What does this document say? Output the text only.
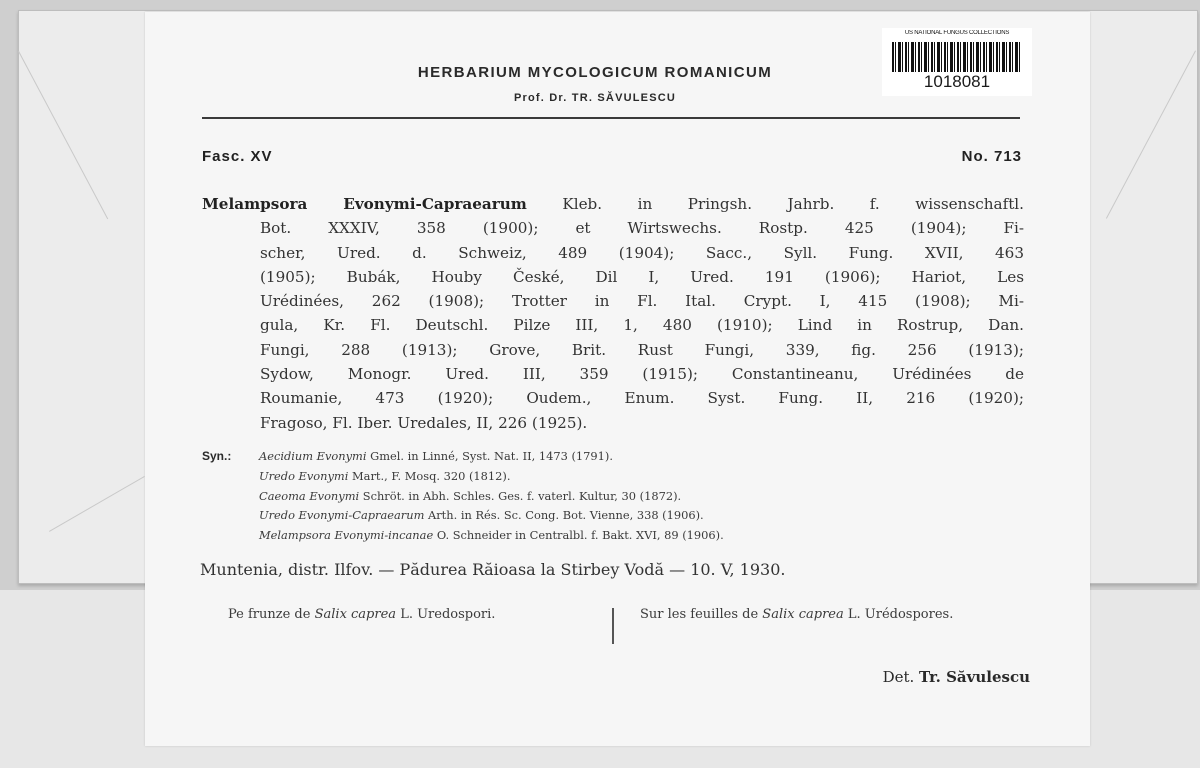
US NATIONAL FUNGUS COLLECTIONS
1018081
HERBARIUM MYCOLOGICUM ROMANICUM
Prof. Dr. TR. SĂVULESCU
Fasc. XV	No. 713
Melampsora Evonymi-Capraearum Kleb. in Pringsh. Jahrb. f. wissenschaftl.
Bot. XXXIV, 358 (1900); et Wirtswechs. Rostp. 425 (1904); Fi-
scher, Ured. d. Schweiz, 489 (1904); Sacc., Syll. Fung. XVII, 463
(1905); Bubák, Houby České, Dil I, Ured. 191 (1906); Hariot, Les
Urédinées, 262 (1908); Trotter in Fl. Ital. Crypt. I, 415 (1908); Mi-
gula, Kr. Fl. Deutschl. Pilze III, 1, 480 (1910); Lind in Rostrup, Dan.
Fungi, 288 (1913); Grove, Brit. Rust Fungi, 339, fig. 256 (1913);
Sydow, Monogr. Ured. III, 359 (1915); Constantineanu, Urédinées de
Roumanie, 473 (1920); Oudem., Enum. Syst. Fung. II, 216 (1920);
Fragoso, Fl. Iber. Uredales, II, 226 (1925).
Syn.: Aecidium Evonymi Gmel. in Linné, Syst. Nat. II, 1473 (1791).
Uredo Evonymi Mart., F. Mosq. 320 (1812).
Caeoma Evonymi Schröt. in Abh. Schles. Ges. f. vaterl. Kultur, 30 (1872).
Uredo Evonymi-Capraearum Arth. in Rés. Sc. Cong. Bot. Vienne, 338 (1906).
Melampsora Evonymi-incanae O. Schneider in Centralbl. f. Bakt. XVI, 89 (1906).
Muntenia, distr. Ilfov. — Pădurea Răioasa la Stirbey Vodă — 10. V, 1930.
Pe frunze de Salix caprea L. Uredospori.	Sur les feuilles de Salix caprea L. Urédospores.
Det. Tr. Săvulescu
